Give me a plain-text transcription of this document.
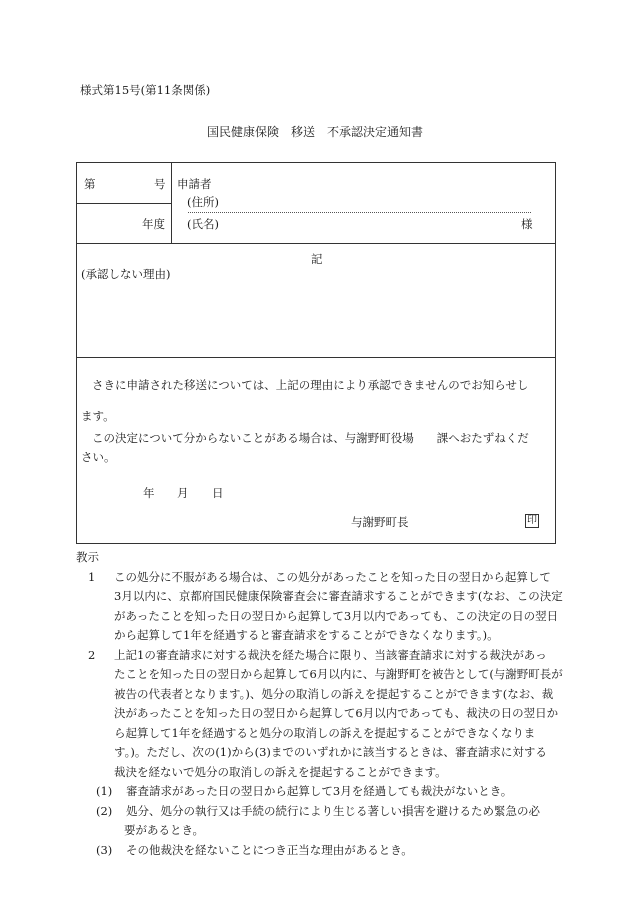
様式第15号(第11条関係)
国民健康保険　移送　不承認決定通知書
第	号
年度
申請者
(住所)
(氏名)	様
記
(承認しない理由)
さきに申請された移送については、上記の理由により承認できませんのでお知らせし
ます。
この決定について分からないことがある場合は、与謝野町役場　　課へおたずねくだ
さい。
年 月 日
与謝野町長	印
教示
1 この処分に不服がある場合は、この処分があったことを知った日の翌日から起算して
3月以内に、京都府国民健康保険審査会に審査請求することができます(なお、この決定
があったことを知った日の翌日から起算して3月以内であっても、この決定の日の翌日
から起算して1年を経過すると審査請求をすることができなくなります。)。
2 上記1の審査請求に対する裁決を経た場合に限り、当該審査請求に対する裁決があっ
たことを知った日の翌日から起算して6月以内に、与謝野町を被告として(与謝野町長が
被告の代表者となります。)、処分の取消しの訴えを提起することができます(なお、裁
決があったことを知った日の翌日から起算して6月以内であっても、裁決の日の翌日か
ら起算して1年を経過すると処分の取消しの訴えを提起することができなくなりま
す。)。ただし、次の(1)から(3)までのいずれかに該当するときは、審査請求に対する
裁決を経ないで処分の取消しの訴えを提起することができます。
(1) 審査請求があった日の翌日から起算して3月を経過しても裁決がないとき。
(2) 処分、処分の執行又は手続の続行により生じる著しい損害を避けるため緊急の必
要があるとき。
(3) その他裁決を経ないことにつき正当な理由があるとき。
